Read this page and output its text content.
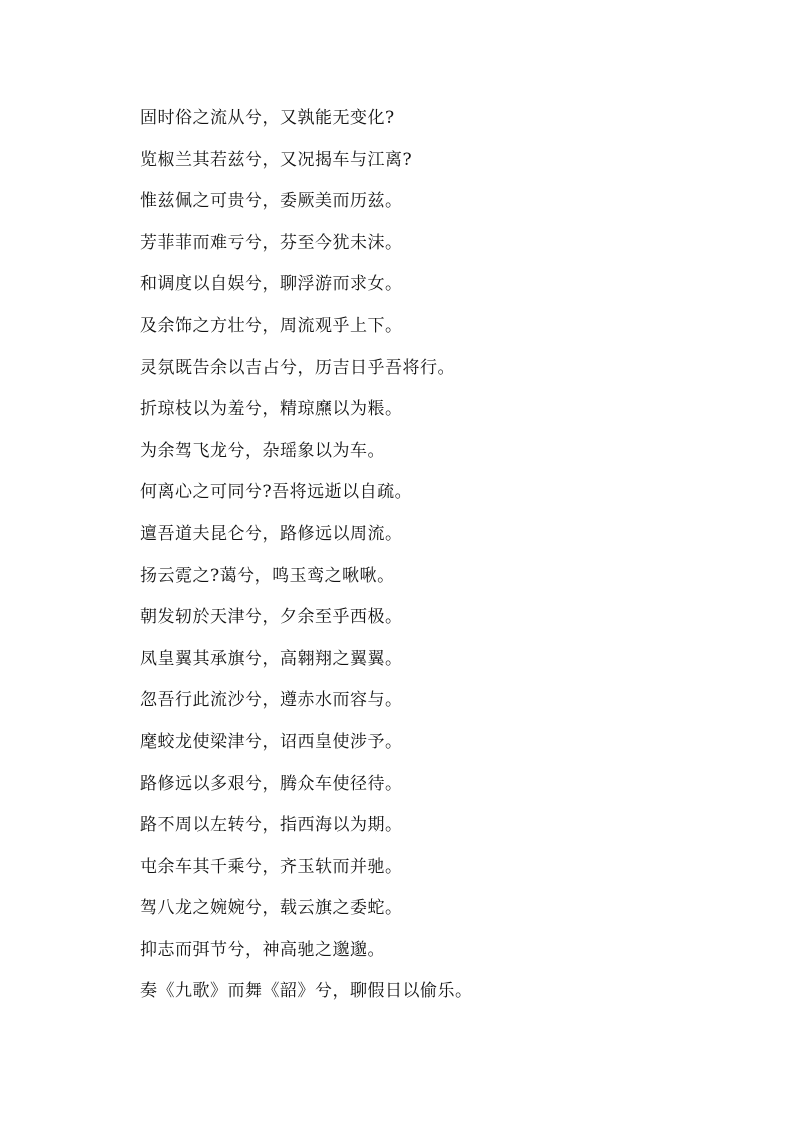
固时俗之流从兮，又孰能无变化?
览椒兰其若兹兮，又况揭车与江离?
惟兹佩之可贵兮，委厥美而历兹。
芳菲菲而难亏兮，芬至今犹未沫。
和调度以自娱兮，聊浮游而求女。
及余饰之方壮兮，周流观乎上下。
灵氛既告余以吉占兮，历吉日乎吾将行。
折琼枝以为羞兮，精琼爢以为粻。
为余驾飞龙兮，杂瑶象以为车。
何离心之可同兮?吾将远逝以自疏。
邅吾道夫昆仑兮，路修远以周流。
扬云霓之?蔼兮，鸣玉鸾之啾啾。
朝发轫於天津兮，夕余至乎西极。
凤皇翼其承旗兮，高翱翔之翼翼。
忽吾行此流沙兮，遵赤水而容与。
麾蛟龙使梁津兮，诏西皇使涉予。
路修远以多艰兮，腾众车使径待。
路不周以左转兮，指西海以为期。
屯余车其千乘兮，齐玉轪而并驰。
驾八龙之婉婉兮，载云旗之委蛇。
抑志而弭节兮，神高驰之邈邈。
奏《九歌》而舞《韶》兮，聊假日以偷乐。
